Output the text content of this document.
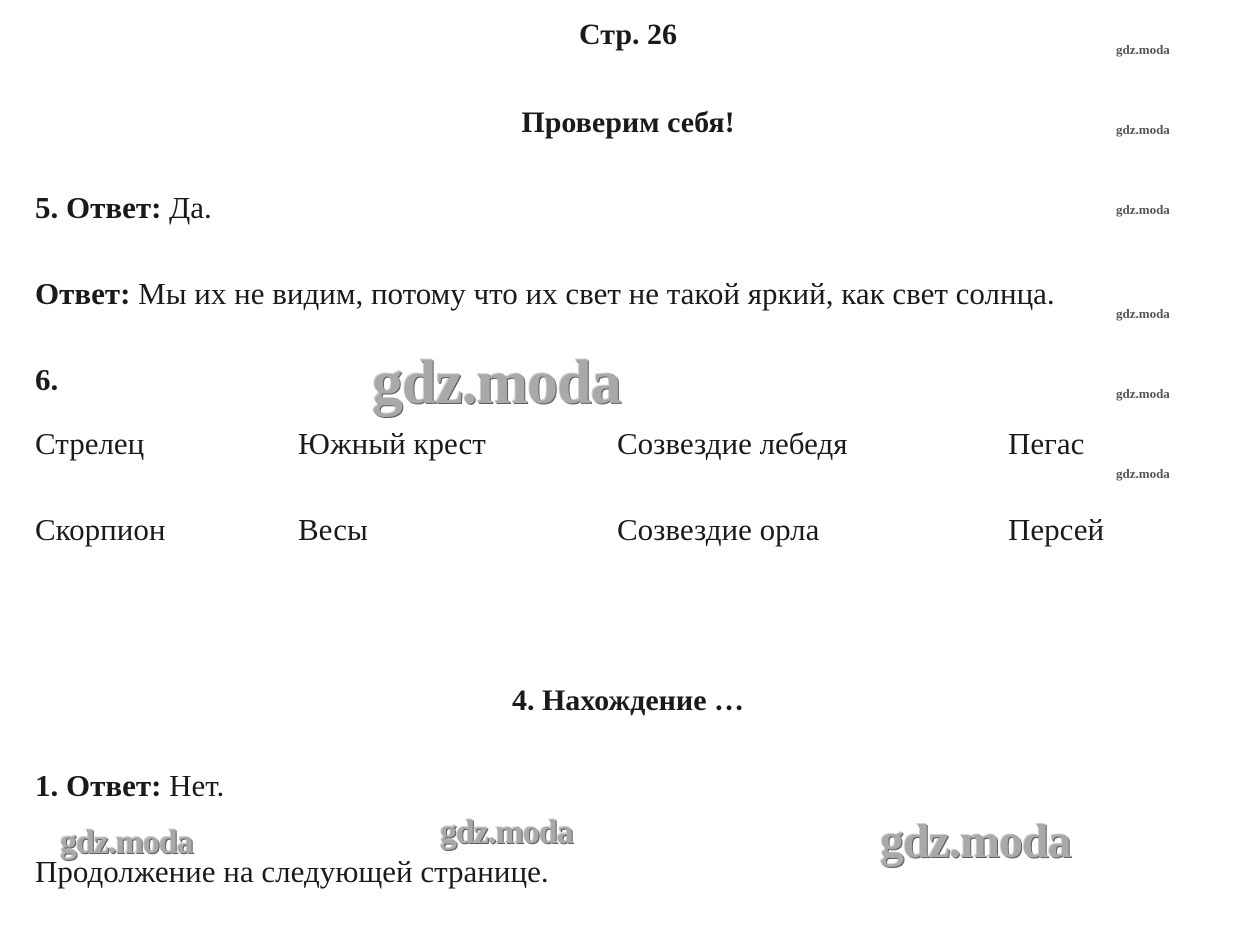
Стр. 26
Проверим себя!
5. Ответ: Да.
Ответ: Мы их не видим, потому что их свет не такой яркий, как свет солнца.
6.
Стрелец	Южный крест	Созвездие лебедя	Пегас
Скорпион	Весы	Созвездие орла	Персей
4. Нахождение …
1. Ответ: Нет.
Продолжение на следующей странице.
gdz.moda
gdz.moda
gdz.moda
gdz.moda
gdz.moda
gdz.moda
gdz.moda
gdz.moda	gdz.moda	gdz.moda
